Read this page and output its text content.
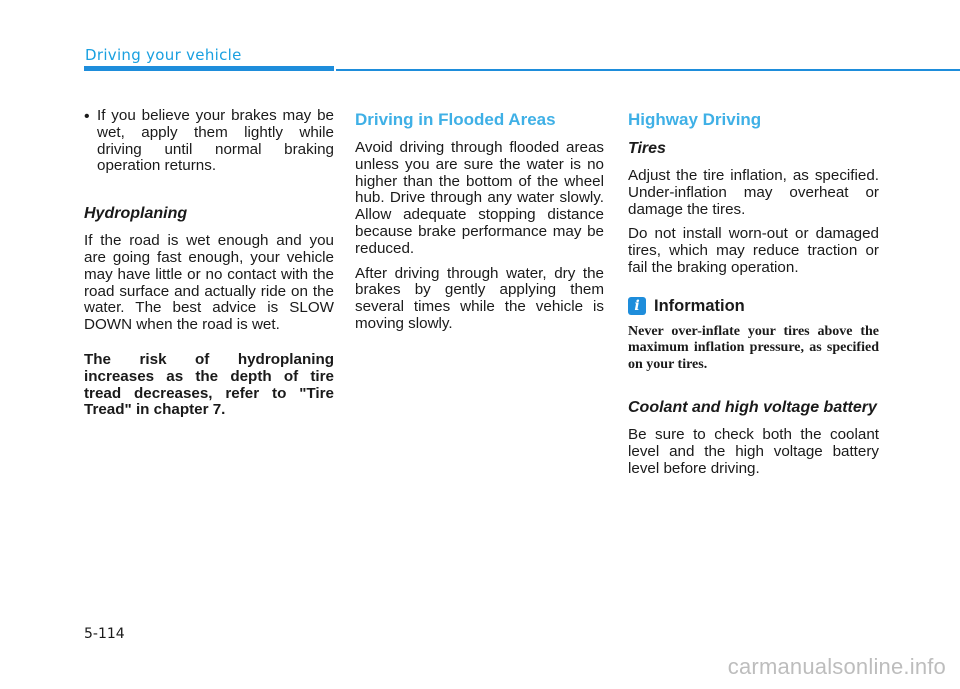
Driving your vehicle
• If you believe your brakes may be wet, apply them lightly while driving until normal braking operation returns.

Hydroplaning

If the road is wet enough and you are going fast enough, your vehicle may have little or no contact with the road surface and actually ride on the water. The best advice is SLOW DOWN when the road is wet.

The risk of hydroplaning increases as the depth of tire tread decreases, refer to "Tire Tread" in chapter 7.

Driving in Flooded Areas

Avoid driving through flooded areas unless you are sure the water is no higher than the bottom of the wheel hub. Drive through any water slowly. Allow adequate stopping distance because brake performance may be reduced.

After driving through water, dry the brakes by gently applying them several times while the vehicle is moving slowly.

Highway Driving
Tires

Adjust the tire inflation, as specified. Under-inflation may overheat or damage the tires.

Do not install worn-out or damaged tires, which may reduce traction or fail the braking operation.

i Information

Never over-inflate your tires above the maximum inflation pressure, as specified on your tires.

Coolant and high voltage battery

Be sure to check both the coolant level and the high voltage battery level before driving.

5-114
carmanualsonline.info
